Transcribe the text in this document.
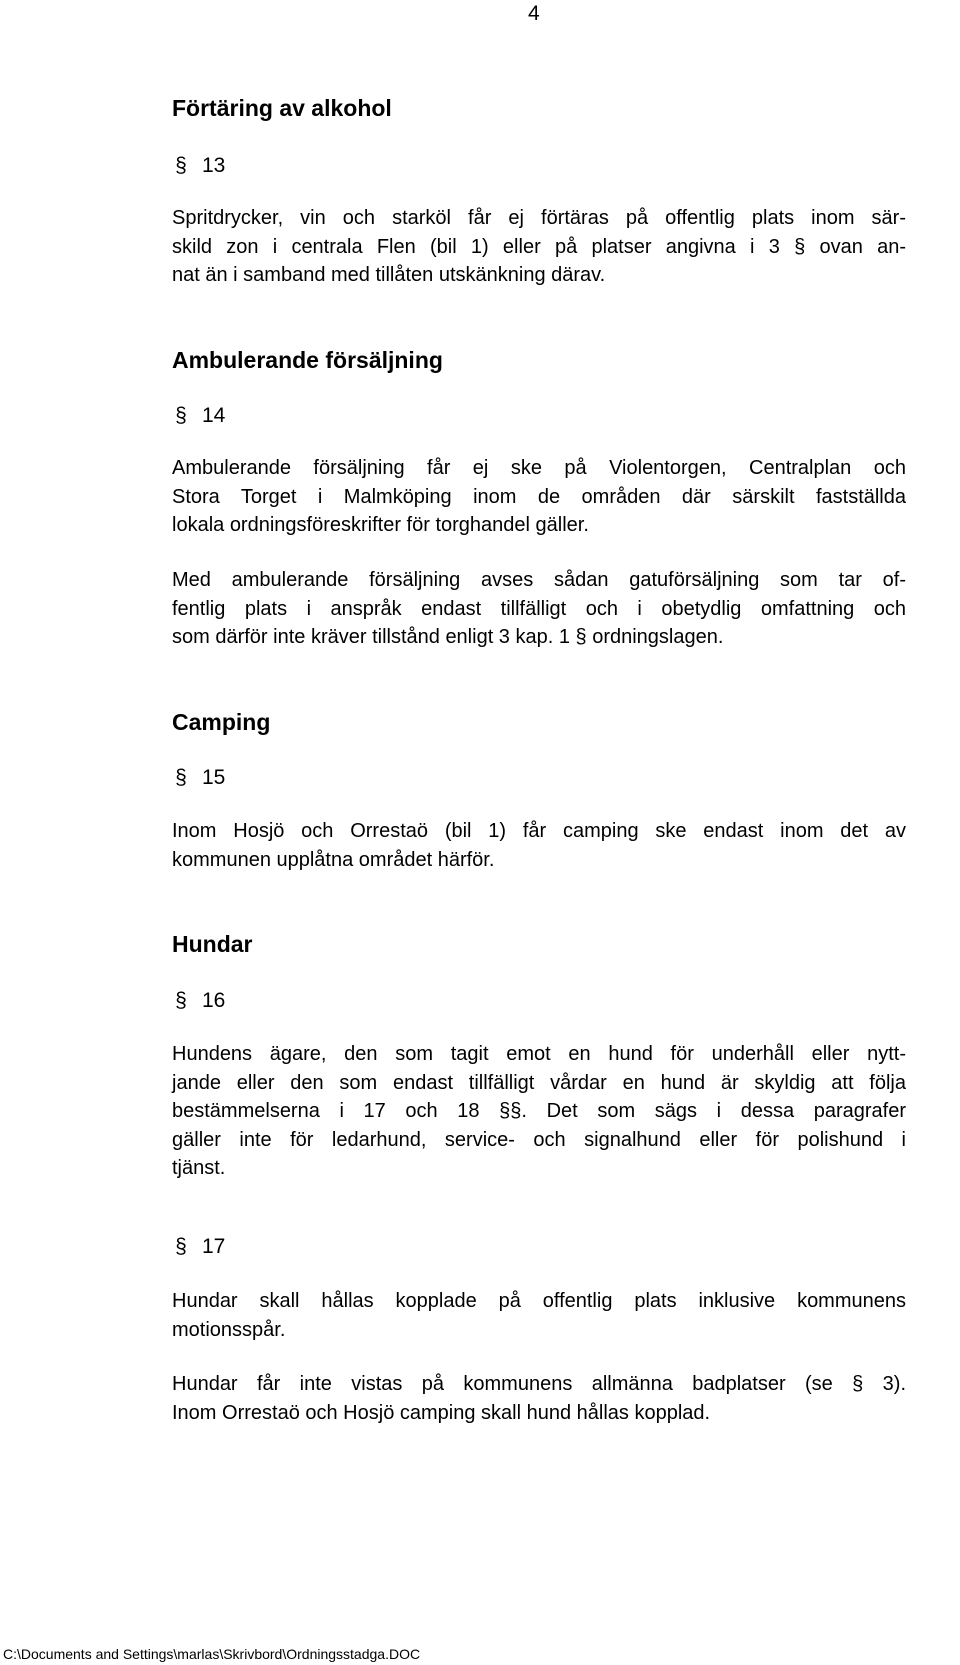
4
Förtäring av alkohol
§ 13

Spritdrycker, vin och starköl får ej förtäras på offentlig plats inom sär-
skild zon i centrala Flen (bil 1) eller på platser angivna i 3 § ovan an-
nat än i samband med tillåten utskänkning därav.

Ambulerande försäljning
§ 14

Ambulerande försäljning får ej ske på Violentorgen, Centralplan och
Stora Torget i Malmköping inom de områden där särskilt fastställda
lokala ordningsföreskrifter för torghandel gäller.

Med ambulerande försäljning avses sådan gatuförsäljning som tar of-
fentlig plats i anspråk endast tillfälligt och i obetydlig omfattning och
som därför inte kräver tillstånd enligt 3 kap. 1 § ordningslagen.

Camping
§ 15

Inom Hosjö och Orrestaö (bil 1) får camping ske endast inom det av
kommunen upplåtna området härför.

Hundar
§ 16

Hundens ägare, den som tagit emot en hund för underhåll eller nytt-
jande eller den som endast tillfälligt vårdar en hund är skyldig att följa
bestämmelserna i 17 och 18 §§. Det som sägs i dessa paragrafer
gäller inte för ledarhund, service- och signalhund eller för polishund i
tjänst.

§ 17

Hundar skall hållas kopplade på offentlig plats inklusive kommunens
motionsspår.

Hundar får inte vistas på kommunens allmänna badplatser (se § 3).
Inom Orrestaö och Hosjö camping skall hund hållas kopplad.

C:\Documents and Settings\marlas\Skrivbord\Ordningsstadga.DOC
